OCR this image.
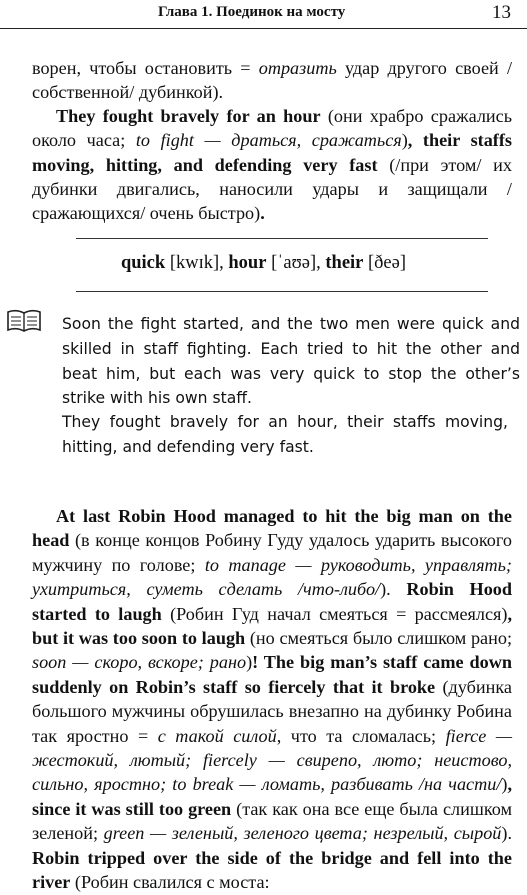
Глава 1. Поединок на мосту	13

ворен, чтобы остановить = отразить удар другого своей /собственной/ дубинкой).

They fought bravely for an hour (они храбро сражались около часа; to fight — драться, сражаться), their staffs moving, hitting, and defending very fast (/при этом/ их дубинки двигались, наносили удары и защищали /сражающихся/ очень быстро).

quick [kwɪk], hour [ˈaʊə], their [ðeə]

Soon the fight started, and the two men were quick and skilled in staff fighting. Each tried to hit the other and beat him, but each was very quick to stop the other’s strike with his own staff.

They fought bravely for an hour, their staffs moving, hitting, and defending very fast.

At last Robin Hood managed to hit the big man on the head (в конце концов Робину Гуду удалось ударить высокого мужчину по голове; to manage — руководить, управлять; ухитриться, суметь сделать /что-либо/). Robin Hood started to laugh (Робин Гуд начал смеяться = рассмеялся), but it was too soon to laugh (но смеяться было слишком рано; soon — скоро, вскоре; рано)! The big man’s staff came down suddenly on Robin’s staff so fiercely that it broke (дубинка большого мужчины обрушилась внезапно на дубинку Робина так яростно = с такой силой, что та сломалась; fierce — жестокий, лютый; fiercely — свирепо, люто; неистово, сильно, яростно; to break — ломать, разбивать /на части/), since it was still too green (так как она все еще была слишком зеленой; green — зеленый, зеленого цвета; незрелый, сырой). Robin tripped over the side of the bridge and fell into the river (Робин свалился с моста:
